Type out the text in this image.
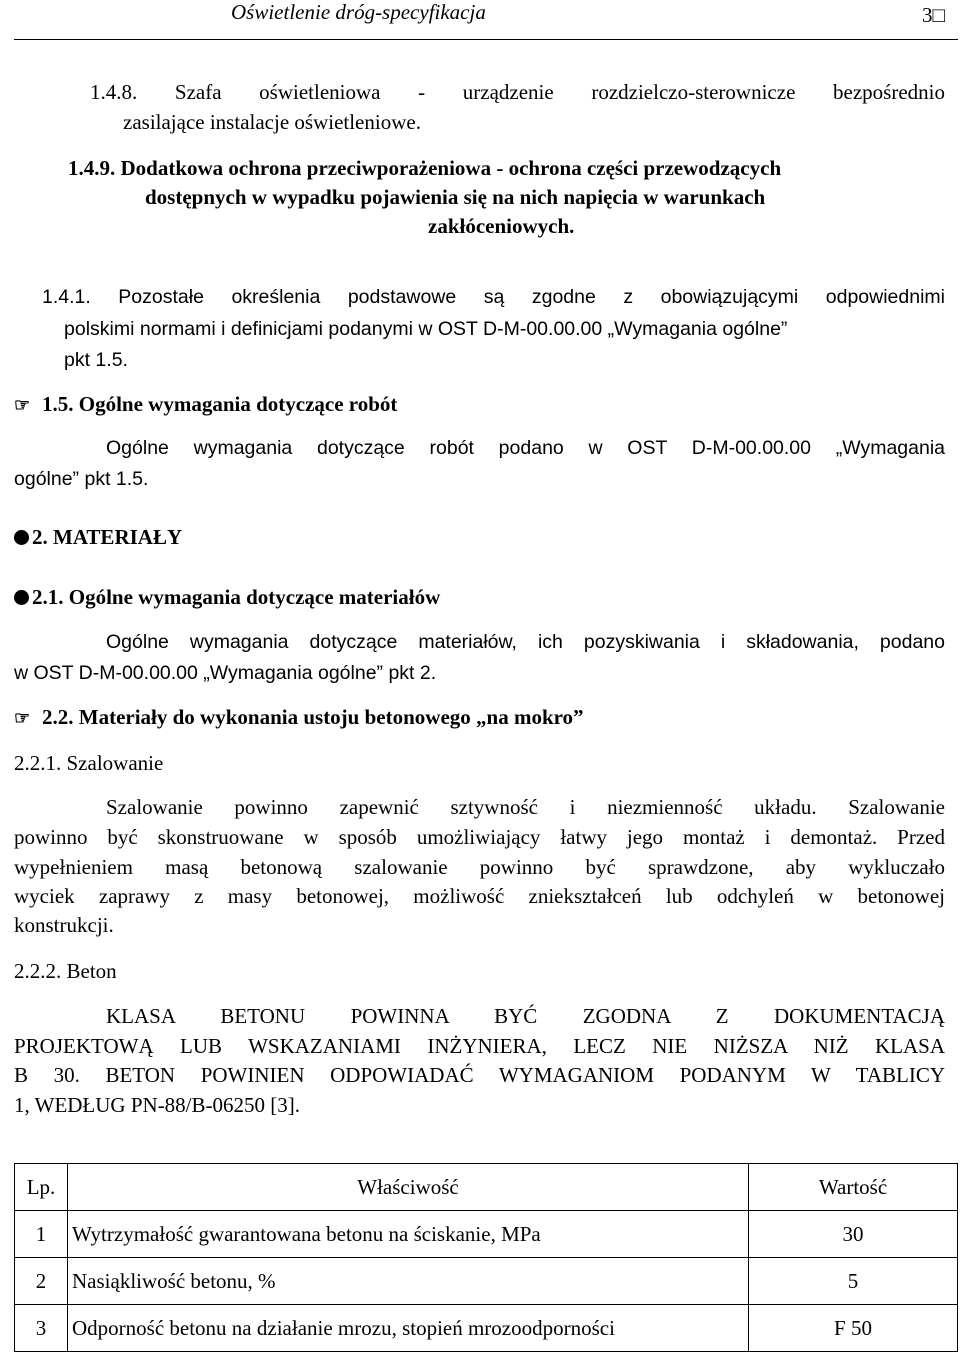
Oświetlenie dróg-specyfikacja	3□
1.4.8. Szafa oświetleniowa - urządzenie rozdzielczo-sterownicze bezpośrednio
zasilające instalacje oświetleniowe.
1.4.9. Dodatkowa ochrona przeciwporażeniowa - ochrona części przewodzących
dostępnych w wypadku pojawienia się na nich napięcia w warunkach
zakłóceniowych.
1.4.1. Pozostałe określenia podstawowe są zgodne z obowiązującymi odpowiednimi
polskimi normami i definicjami podanymi w OST D-M-00.00.00 „Wymagania ogólne”
pkt 1.5.
☞ 1.5. Ogólne wymagania dotyczące robót
Ogólne wymagania dotyczące robót podano w OST D-M-00.00.00 „Wymagania
ogólne” pkt 1.5.
2. MATERIAŁY
2.1. Ogólne wymagania dotyczące materiałów
Ogólne wymagania dotyczące materiałów, ich pozyskiwania i składowania, podano
w OST D-M-00.00.00 „Wymagania ogólne” pkt 2.
☞ 2.2. Materiały do wykonania ustoju betonowego „na mokro”
2.2.1. Szalowanie
Szalowanie powinno zapewnić sztywność i niezmienność układu. Szalowanie
powinno być skonstruowane w sposób umożliwiający łatwy jego montaż i demontaż. Przed
wypełnieniem masą betonową szalowanie powinno być sprawdzone, aby wykluczało
wyciek zaprawy z masy betonowej, możliwość zniekształceń lub odchyleń w betonowej
konstrukcji.
2.2.2. Beton
KLASA BETONU POWINNA BYĆ ZGODNA Z DOKUMENTACJĄ
PROJEKTOWĄ LUB WSKAZANIAMI INŻYNIERA, LECZ NIE NIŻSZA NIŻ KLASA
B 30. BETON POWINIEN ODPOWIADAĆ WYMAGANIOM PODANYM W TABLICY
1, WEDŁUG PN-88/B-06250 [3].
Lp.	Właściwość	Wartość
1	Wytrzymałość gwarantowana betonu na ściskanie, MPa	30
2	Nasiąkliwość betonu, %	5
3	Odporność betonu na działanie mrozu, stopień mrozoodporności	F 50
